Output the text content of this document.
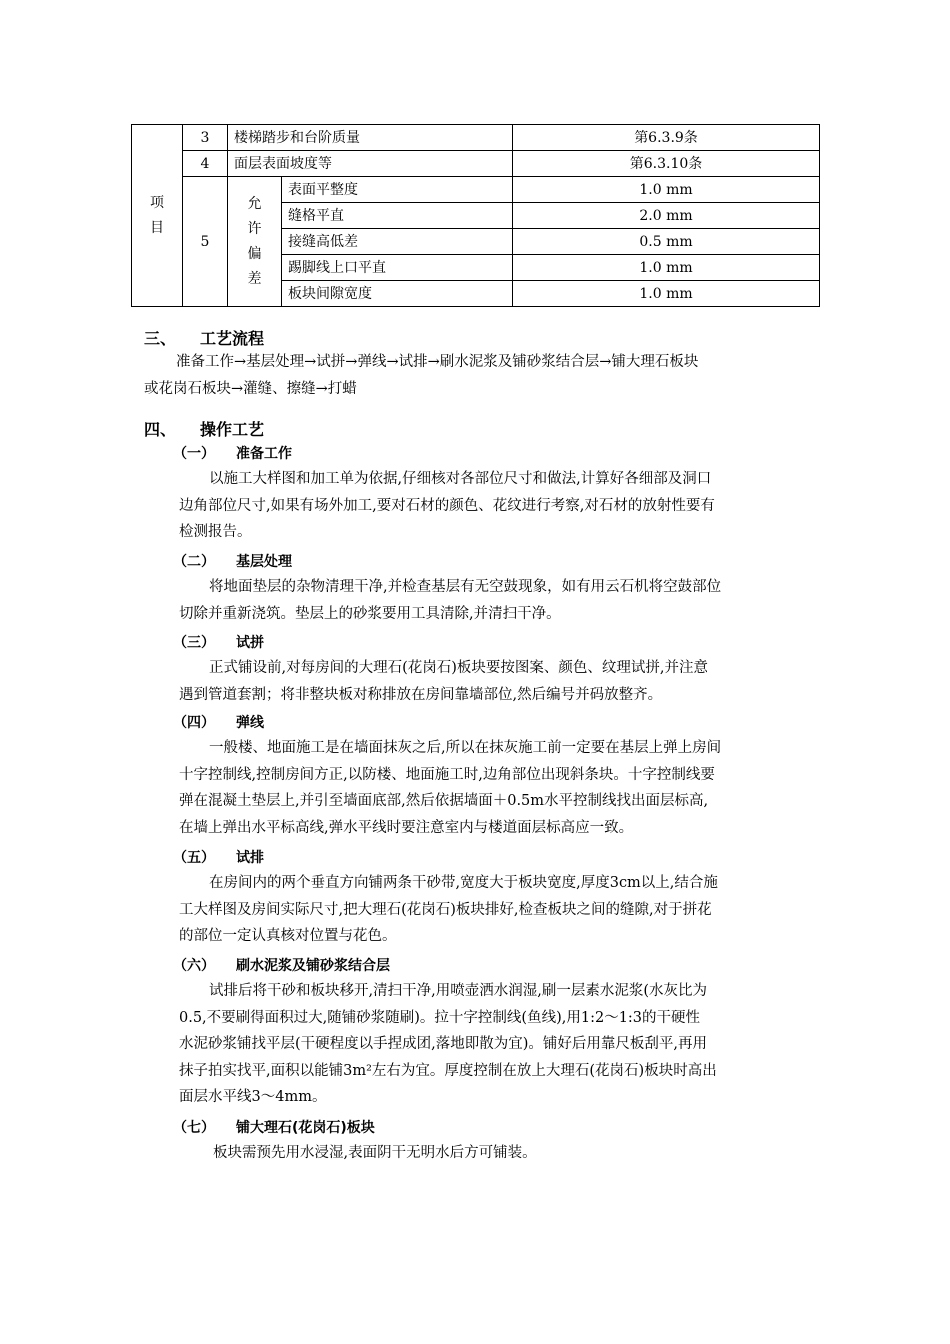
项
目	3	楼梯踏步和台阶质量		第6.3.9条
	4	面层表面坡度等		第6.3.10条
	5	允
许
偏
差	表面平整度	1.0 mm
			缝格平直	2.0 mm
			接缝高低差	0.5 mm
			踢脚线上口平直	1.0 mm
			板块间隙宽度	1.0 mm
三、 工艺流程
准备工作→基层处理→试拼→弹线→试排→刷水泥浆及铺砂浆结合层→铺大理石板块
或花岗石板块→灌缝、擦缝→打蜡
四、 操作工艺
（一） 准备工作
以施工大样图和加工单为依据,仔细核对各部位尺寸和做法,计算好各细部及洞口
边角部位尺寸,如果有场外加工,要对石材的颜色、花纹进行考察,对石材的放射性要有
检测报告。
（二） 基层处理
将地面垫层的杂物清理干净,并检查基层有无空鼓现象，如有用云石机将空鼓部位
切除并重新浇筑。垫层上的砂浆要用工具清除,并清扫干净。
（三） 试拼
正式铺设前,对每房间的大理石(花岗石)板块要按图案、颜色、纹理试拼,并注意
遇到管道套割；将非整块板对称排放在房间靠墙部位,然后编号并码放整齐。
（四） 弹线
一般楼、地面施工是在墙面抹灰之后,所以在抹灰施工前一定要在基层上弹上房间
十字控制线,控制房间方正,以防楼、地面施工时,边角部位出现斜条块。十字控制线要
弹在混凝土垫层上,并引至墙面底部,然后依据墙面＋0.5m水平控制线找出面层标高,
在墙上弹出水平标高线,弹水平线时要注意室内与楼道面层标高应一致。
（五） 试排
在房间内的两个垂直方向铺两条干砂带,宽度大于板块宽度,厚度3cm以上,结合施
工大样图及房间实际尺寸,把大理石(花岗石)板块排好,检查板块之间的缝隙,对于拼花
的部位一定认真核对位置与花色。
（六） 刷水泥浆及铺砂浆结合层
试排后将干砂和板块移开,清扫干净,用喷壶洒水润湿,刷一层素水泥浆(水灰比为
0.5,不要刷得面积过大,随铺砂浆随刷)。拉十字控制线(鱼线),用1:2～1:3的干硬性
水泥砂浆铺找平层(干硬程度以手捏成团,落地即散为宜)。铺好后用靠尺板刮平,再用
抹子拍实找平,面积以能铺3m²左右为宜。厚度控制在放上大理石(花岗石)板块时高出
面层水平线3～4mm。
（七） 铺大理石(花岗石)板块
板块需预先用水浸湿,表面阴干无明水后方可铺装。
